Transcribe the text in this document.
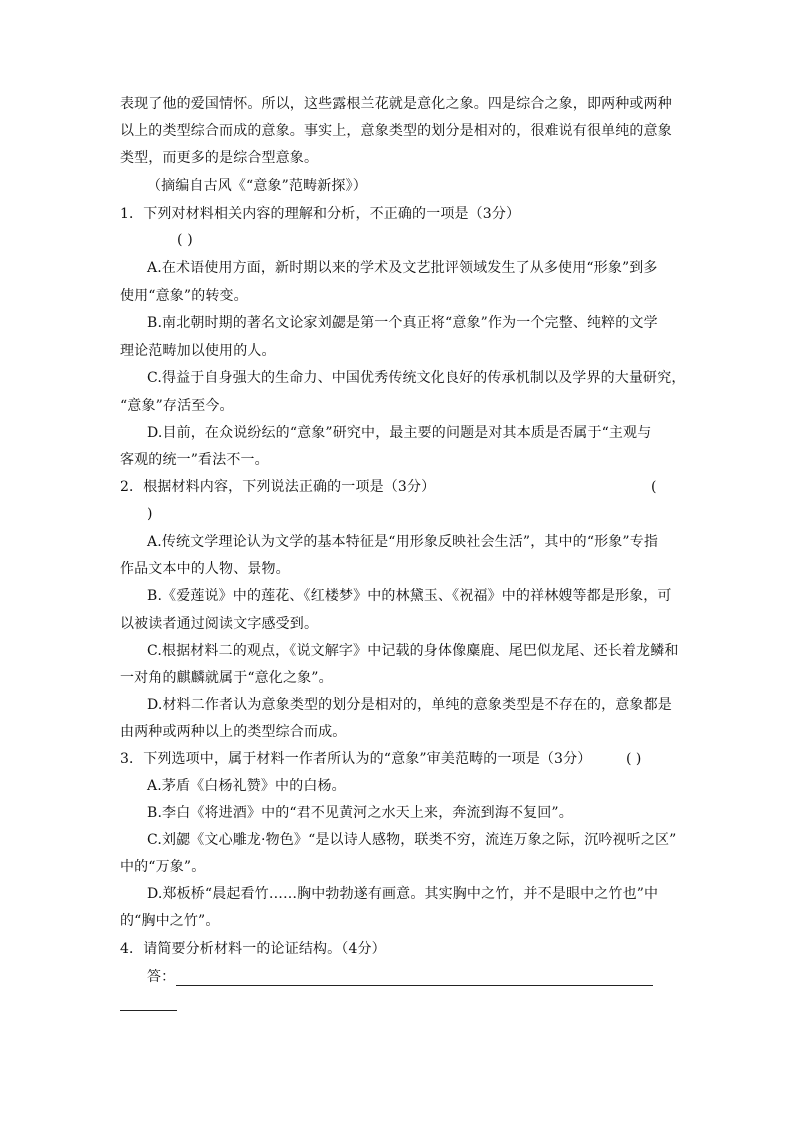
表现了他的爱国情怀。所以，这些露根兰花就是意化之象。四是综合之象，即两种或两种
以上的类型综合而成的意象。事实上，意象类型的划分是相对的，很难说有很单纯的意象
类型，而更多的是综合型意象。
（摘编自古风《“意象”范畴新探》）
1．下列对材料相关内容的理解和分析，不正确的一项是（3分）
( )
A.在术语使用方面，新时期以来的学术及文艺批评领域发生了从多使用“形象”到多
使用“意象”的转变。
B.南北朝时期的著名文论家刘勰是第一个真正将“意象”作为一个完整、纯粹的文学
理论范畴加以使用的人。
C.得益于自身强大的生命力、中国优秀传统文化良好的传承机制以及学界的大量研究，
“意象”存活至今。
D.目前，在众说纷纭的“意象”研究中，最主要的问题是对其本质是否属于“主观与
客观的统一”看法不一。
2．根据材料内容，下列说法正确的一项是（3分）	(
)
A.传统文学理论认为文学的基本特征是“用形象反映社会生活”，其中的“形象”专指
作品文本中的人物、景物。
B.《爱莲说》中的莲花、《红楼梦》中的林黛玉、《祝福》中的祥林嫂等都是形象，可
以被读者通过阅读文字感受到。
C.根据材料二的观点，《说文解字》中记载的身体像麋鹿、尾巴似龙尾、还长着龙鳞和
一对角的麒麟就属于“意化之象”。
D.材料二作者认为意象类型的划分是相对的，单纯的意象类型是不存在的，意象都是
由两种或两种以上的类型综合而成。
3．下列选项中，属于材料一作者所认为的“意象”审美范畴的一项是（3分） ( )
A.茅盾《白杨礼赞》中的白杨。
B.李白《将进酒》中的“君不见黄河之水天上来，奔流到海不复回”。
C.刘勰《文心雕龙·物色》“是以诗人感物，联类不穷，流连万象之际，沉吟视听之区”
中的“万象”。
D.郑板桥“晨起看竹……胸中勃勃遂有画意。其实胸中之竹，并不是眼中之竹也”中
的“胸中之竹”。
4．请简要分析材料一的论证结构。（4分）
答：
